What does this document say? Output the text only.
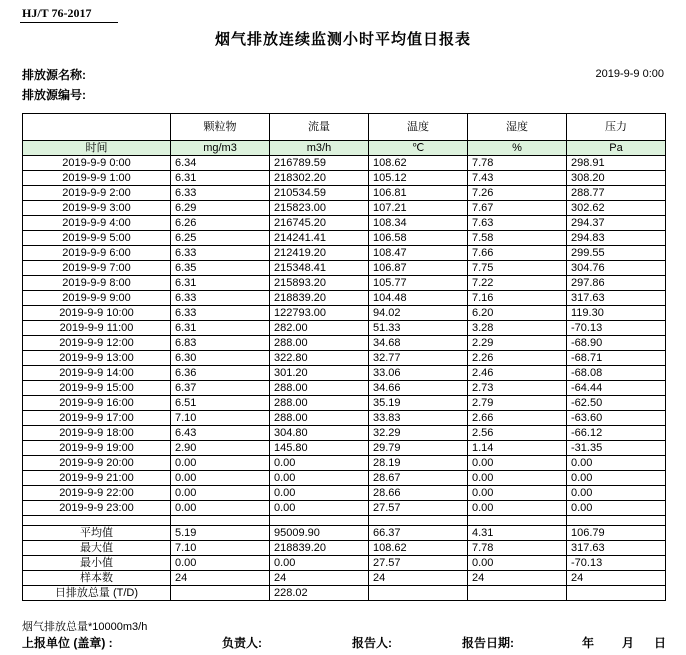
HJ/T 76-2017
烟气排放连续监测小时平均值日报表
排放源名称:
排放源编号:
2019-9-9 0:00
	颗粒物	流量	温度	湿度	压力
时间	mg/m3	m3/h	℃	%	Pa
2019-9-9 0:00	6.34	216789.59	108.62	7.78	298.91
2019-9-9 1:00	6.31	218302.20	105.12	7.43	308.20
2019-9-9 2:00	6.33	210534.59	106.81	7.26	288.77
2019-9-9 3:00	6.29	215823.00	107.21	7.67	302.62
2019-9-9 4:00	6.26	216745.20	108.34	7.63	294.37
2019-9-9 5:00	6.25	214241.41	106.58	7.58	294.83
2019-9-9 6:00	6.33	212419.20	108.47	7.66	299.55
2019-9-9 7:00	6.35	215348.41	106.87	7.75	304.76
2019-9-9 8:00	6.31	215893.20	105.77	7.22	297.86
2019-9-9 9:00	6.33	218839.20	104.48	7.16	317.63
2019-9-9 10:00	6.33	122793.00	94.02	6.20	119.30
2019-9-9 11:00	6.31	282.00	51.33	3.28	-70.13
2019-9-9 12:00	6.83	288.00	34.68	2.29	-68.90
2019-9-9 13:00	6.30	322.80	32.77	2.26	-68.71
2019-9-9 14:00	6.36	301.20	33.06	2.46	-68.08
2019-9-9 15:00	6.37	288.00	34.66	2.73	-64.44
2019-9-9 16:00	6.51	288.00	35.19	2.79	-62.50
2019-9-9 17:00	7.10	288.00	33.83	2.66	-63.60
2019-9-9 18:00	6.43	304.80	32.29	2.56	-66.12
2019-9-9 19:00	2.90	145.80	29.79	1.14	-31.35
2019-9-9 20:00	0.00	0.00	28.19	0.00	0.00
2019-9-9 21:00	0.00	0.00	28.67	0.00	0.00
2019-9-9 22:00	0.00	0.00	28.66	0.00	0.00
2019-9-9 23:00	0.00	0.00	27.57	0.00	0.00

平均值	5.19	95009.90	66.37	4.31	106.79
最大值	7.10	218839.20	108.62	7.78	317.63
最小值	0.00	0.00	27.57	0.00	-70.13
样本数	24	24	24	24	24
日排放总量 (T/D)		228.02			
烟气排放总量*10000m3/h
上报单位 (盖章) :	负责人:	报告人:	报告日期:	年 月 日
